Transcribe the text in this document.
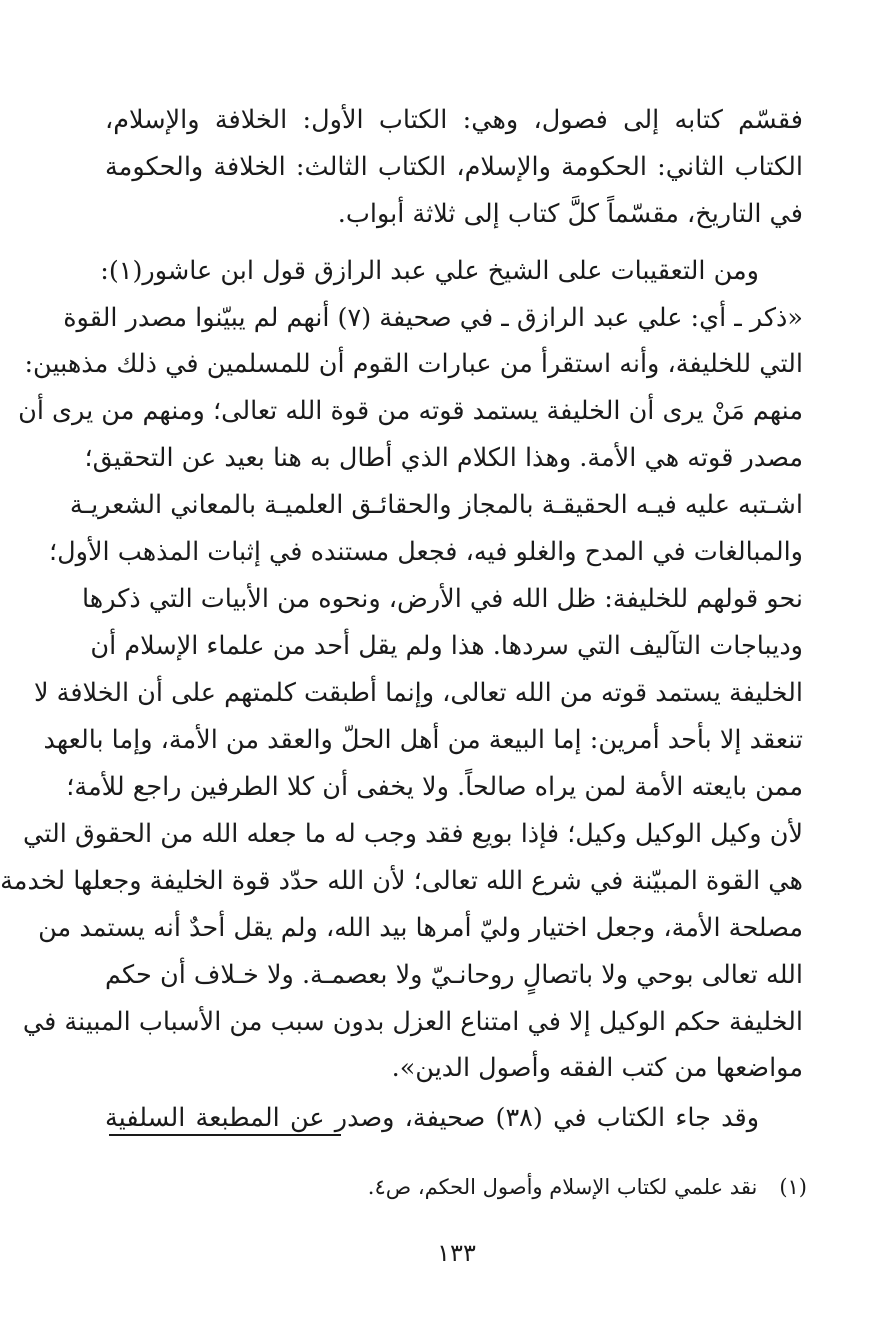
فقسّم كتابه إلى فصول، وهي: الكتاب الأول: الخلافة والإسلام،
الكتاب الثاني: الحكومة والإسلام، الكتاب الثالث: الخلافة والحكومة
في التاريخ، مقسّماً كلَّ كتاب إلى ثلاثة أبواب.
ومن التعقيبات على الشيخ علي عبد الرازق قول ابن عاشور(١):
«ذكر ـ أي: علي عبد الرازق ـ في صحيفة (٧) أنهم لم يبيّنوا مصدر القوة
التي للخليفة، وأنه استقرأ من عبارات القوم أن للمسلمين في ذلك مذهبين:
منهم مَنْ يرى أن الخليفة يستمد قوته من قوة الله تعالى؛ ومنهم من يرى أن
مصدر قوته هي الأمة. وهذا الكلام الذي أطال به هنا بعيد عن التحقيق؛
اشـتبه عليه فيـه الحقيقـة بالمجاز والحقائـق العلميـة بالمعاني الشعريـة
والمبالغات في المدح والغلو فيه، فجعل مستنده في إثبات المذهب الأول؛
نحو قولهم للخليفة: ظل الله في الأرض، ونحوه من الأبيات التي ذكرها
وديباجات التآليف التي سردها. هذا ولم يقل أحد من علماء الإسلام أن
الخليفة يستمد قوته من الله تعالى، وإنما أطبقت كلمتهم على أن الخلافة لا
تنعقد إلا بأحد أمرين: إما البيعة من أهل الحلّ والعقد من الأمة، وإما بالعهد
ممن بايعته الأمة لمن يراه صالحاً. ولا يخفى أن كلا الطرفين راجع للأمة؛
لأن وكيل الوكيل وكيل؛ فإذا بويع فقد وجب له ما جعله الله من الحقوق التي
هي القوة المبيّنة في شرع الله تعالى؛ لأن الله حدّد قوة الخليفة وجعلها لخدمة
مصلحة الأمة، وجعل اختيار وليّ أمرها بيد الله، ولم يقل أحدٌ أنه يستمد من
الله تعالى بوحي ولا باتصالٍ روحانـيّ ولا بعصمـة. ولا خـلاف أن حكم
الخليفة حكم الوكيل إلا في امتناع العزل بدون سبب من الأسباب المبينة في
مواضعها من كتب الفقه وأصول الدين».
وقد جاء الكتاب في (٣٨) صحيفة، وصدر عن المطبعة السلفية
(١)نقد علمي لكتاب الإسلام وأصول الحكم، ص٤.
١٣٣
